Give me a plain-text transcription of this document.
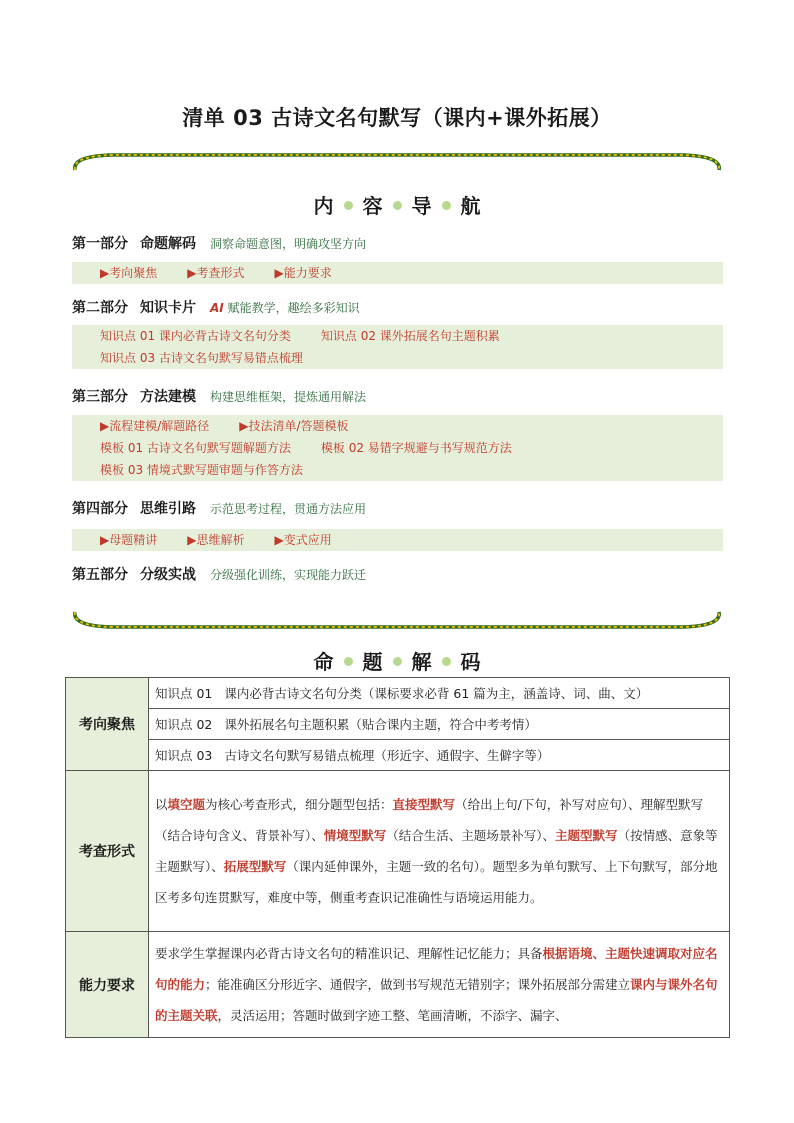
清单 03 古诗文名句默写（课内+课外拓展）
内 容 导 航
第一部分 命题解码 洞察命题意图，明确攻坚方向
▶考向聚焦	▶考查形式	▶能力要求
第二部分 知识卡片 AI 赋能教学，趣绘多彩知识
知识点 01 课内必背古诗文名句分类	知识点 02 课外拓展名句主题积累
知识点 03 古诗文名句默写易错点梳理
第三部分 方法建模 构建思维框架，提炼通用解法
▶流程建模/解题路径	▶技法清单/答题模板
模板 01 古诗文名句默写题解题方法	模板 02 易错字规避与书写规范方法
模板 03 情境式默写题审题与作答方法
第四部分 思维引路 示范思考过程，贯通方法应用
▶母题精讲	▶思维解析	▶变式应用
第五部分 分级实战 分级强化训练，实现能力跃迁
命 题 解 码
考向聚焦	知识点 01 课内必背古诗文名句分类（课标要求必背 61 篇为主，涵盖诗、词、曲、文）
	知识点 02 课外拓展名句主题积累（贴合课内主题，符合中考考情）
	知识点 03 古诗文名句默写易错点梳理（形近字、通假字、生僻字等）
考查形式	以填空题为核心考查形式，细分题型包括：直接型默写（给出上句/下句，补写对应句）、理解型默写（结合诗句含义、背景补写）、情境型默写（结合生活、主题场景补写）、主题型默写（按情感、意象等主题默写）、拓展型默写（课内延伸课外，主题一致的名句）。题型多为单句默写、上下句默写，部分地区考多句连贯默写，难度中等，侧重考查识记准确性与语境运用能力。
能力要求	要求学生掌握课内必背古诗文名句的精准识记、理解性记忆能力；具备根据语境、主题快速调取对应名句的能力；能准确区分形近字、通假字，做到书写规范无错别字；课外拓展部分需建立课内与课外名句的主题关联，灵活运用；答题时做到字迹工整、笔画清晰，不添字、漏字、
